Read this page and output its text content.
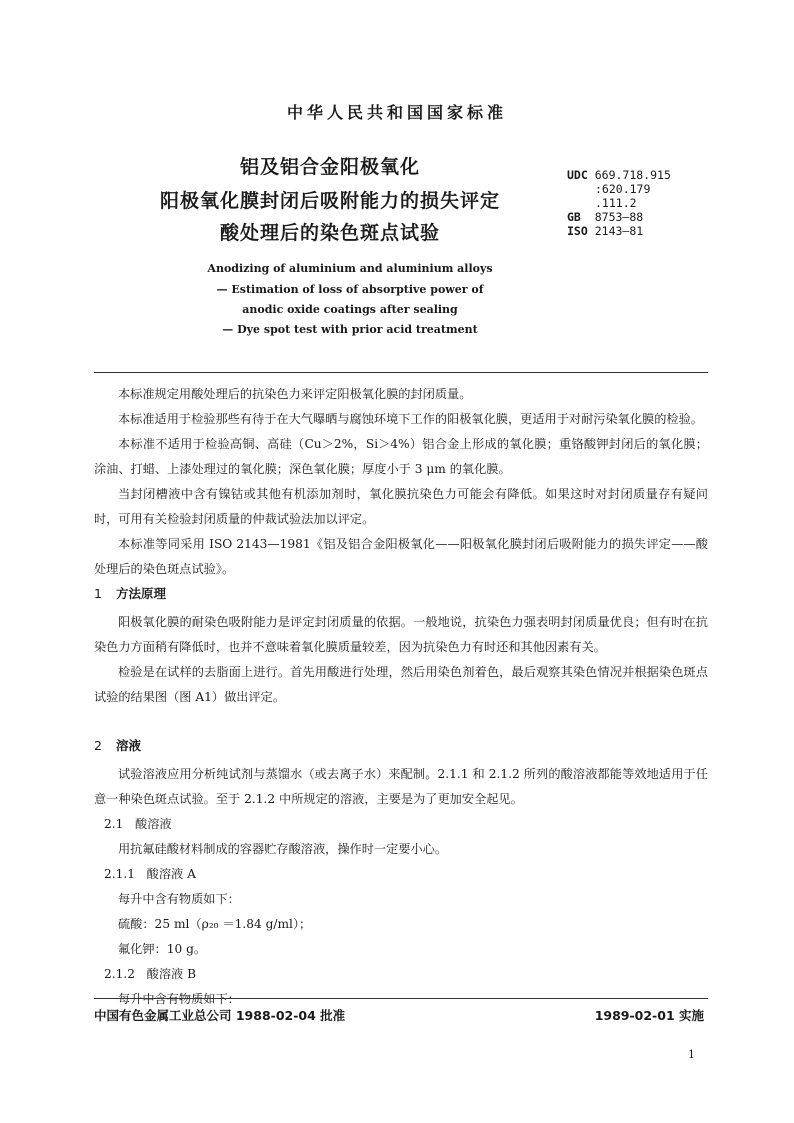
中华人民共和国国家标准
铝及铝合金阳极氧化
阳极氧化膜封闭后吸附能力的损失评定
酸处理后的染色斑点试验
UDC 669.718.915
:620.179
.111.2
GB 8753—88
ISO 2143—81
Anodizing of aluminium and aluminium alloys
— Estimation of loss of absorptive power of
anodic oxide coatings after sealing
— Dye spot test with prior acid treatment
本标准规定用酸处理后的抗染色力来评定阳极氧化膜的封闭质量。
本标准适用于检验那些有待于在大气曝晒与腐蚀环境下工作的阳极氧化膜，更适用于对耐污染氧化膜的检验。
本标准不适用于检验高铜、高硅（Cu＞2%，Si＞4%）铝合金上形成的氧化膜；重铬酸钾封闭后的氧化膜；涂油、打蜡、上漆处理过的氧化膜；深色氧化膜；厚度小于 3 μm 的氧化膜。
当封闭槽液中含有镍钴或其他有机添加剂时，氧化膜抗染色力可能会有降低。如果这时对封闭质量存有疑问时，可用有关检验封闭质量的仲裁试验法加以评定。
本标准等同采用 ISO 2143—1981《铝及铝合金阳极氧化——阳极氧化膜封闭后吸附能力的损失评定——酸处理后的染色斑点试验》。
1 方法原理
阳极氧化膜的耐染色吸附能力是评定封闭质量的依据。一般地说，抗染色力强表明封闭质量优良；但有时在抗染色力方面稍有降低时，也并不意味着氧化膜质量较差，因为抗染色力有时还和其他因素有关。
检验是在试样的去脂面上进行。首先用酸进行处理，然后用染色剂着色，最后观察其染色情况并根据染色斑点试验的结果图（图 A1）做出评定。
2 溶液
试验溶液应用分析纯试剂与蒸馏水（或去离子水）来配制。2.1.1 和 2.1.2 所列的酸溶液都能等效地适用于任意一种染色斑点试验。至于 2.1.2 中所规定的溶液，主要是为了更加安全起见。
2.1 酸溶液
用抗氟硅酸材料制成的容器贮存酸溶液，操作时一定要小心。
2.1.1 酸溶液 A
每升中含有物质如下：
硫酸：25 ml（ρ₂₀ ＝1.84 g/ml）；
氟化钾：10 g。
2.1.2 酸溶液 B
每升中含有物质如下：
中国有色金属工业总公司 1988-02-04 批准	1989-02-01 实施
1
